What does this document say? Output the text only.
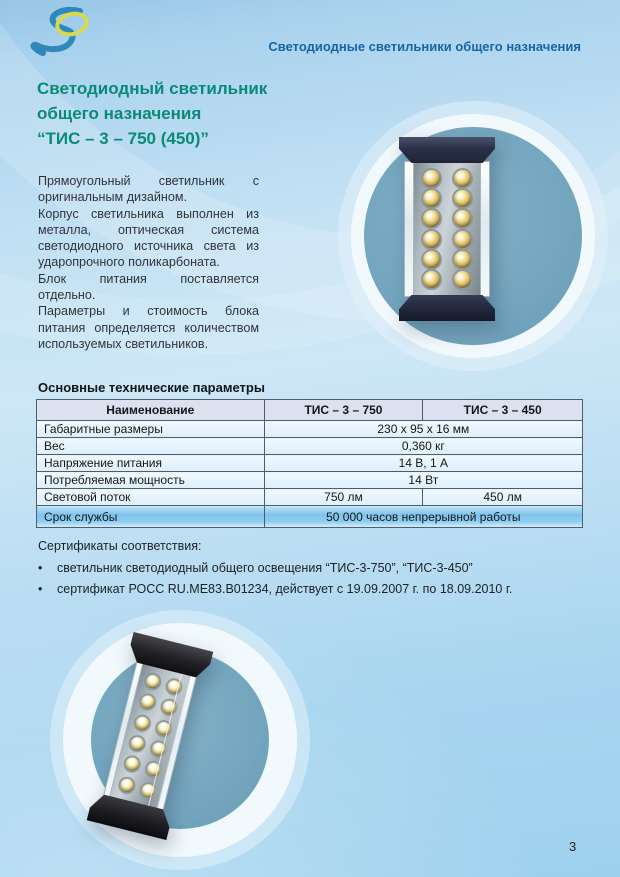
Светодиодные светильники общего назначения
Светодиодный светильник
общего назначения
“ТИС – 3 – 750 (450)”

Прямоугольный светильник с оригинальным дизайном.

Корпус светильника выполнен из металла, оптическая система светодиодного источника света из ударопрочного поликарбоната.

Блок питания поставляется отдельно.

Параметры и стоимость блока питания определяется количеством используемых светильников.

Основные технические параметры
Наименование	ТИС – 3 – 750	ТИС – 3 – 450
Габаритные размеры	230 x 95 x 16 мм	
Вес	0,360 кг	
Напряжение питания	14 В, 1 А	
Потребляемая мощность	14 Вт	
Световой поток	750 лм	450 лм
Срок службы	50 000 часов непрерывной работы	
Сертификаты соответствия:
•	светильник светодиодный общего освещения “ТИС-3-750”, “ТИС-3-450”
•	сертификат РОСС RU.ME83.B01234, действует с 19.09.2007 г. по 18.09.2010 г.
3
